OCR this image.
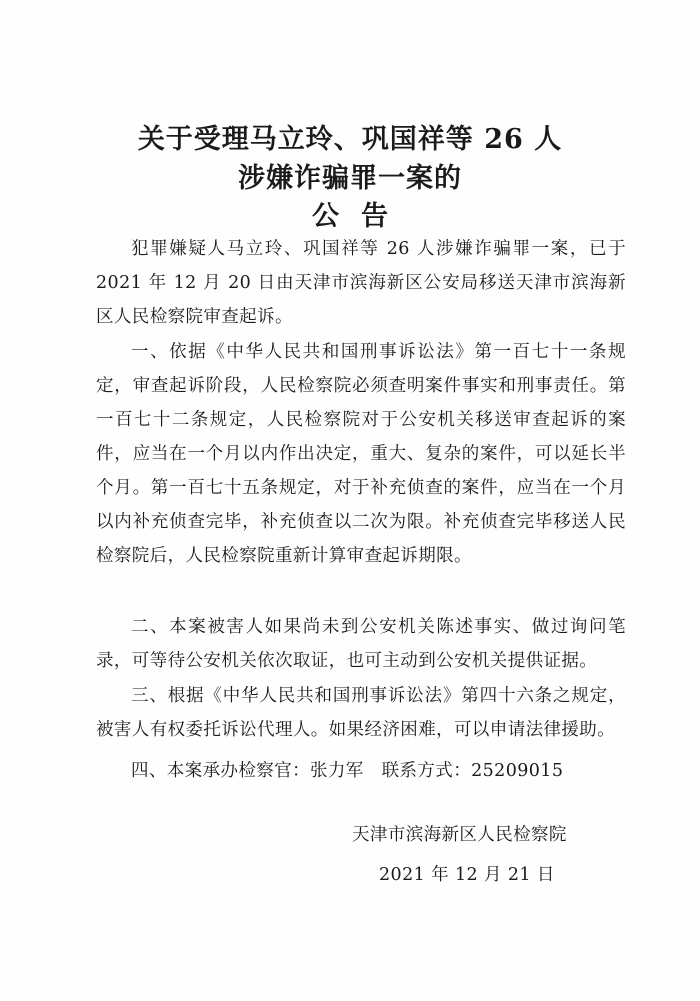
关于受理马立玲、巩国祥等 26 人
涉嫌诈骗罪一案的
公告

犯罪嫌疑人马立玲、巩国祥等 26 人涉嫌诈骗罪一案，已于2021 年 12 月 20 日由天津市滨海新区公安局移送天津市滨海新区人民检察院审查起诉。

一、依据《中华人民共和国刑事诉讼法》第一百七十一条规定，审查起诉阶段，人民检察院必须查明案件事实和刑事责任。第一百七十二条规定，人民检察院对于公安机关移送审查起诉的案件，应当在一个月以内作出决定，重大、复杂的案件，可以延长半个月。第一百七十五条规定，对于补充侦查的案件，应当在一个月以内补充侦查完毕，补充侦查以二次为限。补充侦查完毕移送人民检察院后，人民检察院重新计算审查起诉期限。

二、本案被害人如果尚未到公安机关陈述事实、做过询问笔录，可等待公安机关依次取证，也可主动到公安机关提供证据。

三、根据《中华人民共和国刑事诉讼法》第四十六条之规定，被害人有权委托诉讼代理人。如果经济困难，可以申请法律援助。

四、本案承办检察官：张力军　联系方式：25209015

天津市滨海新区人民检察院
2021 年 12 月 21 日
